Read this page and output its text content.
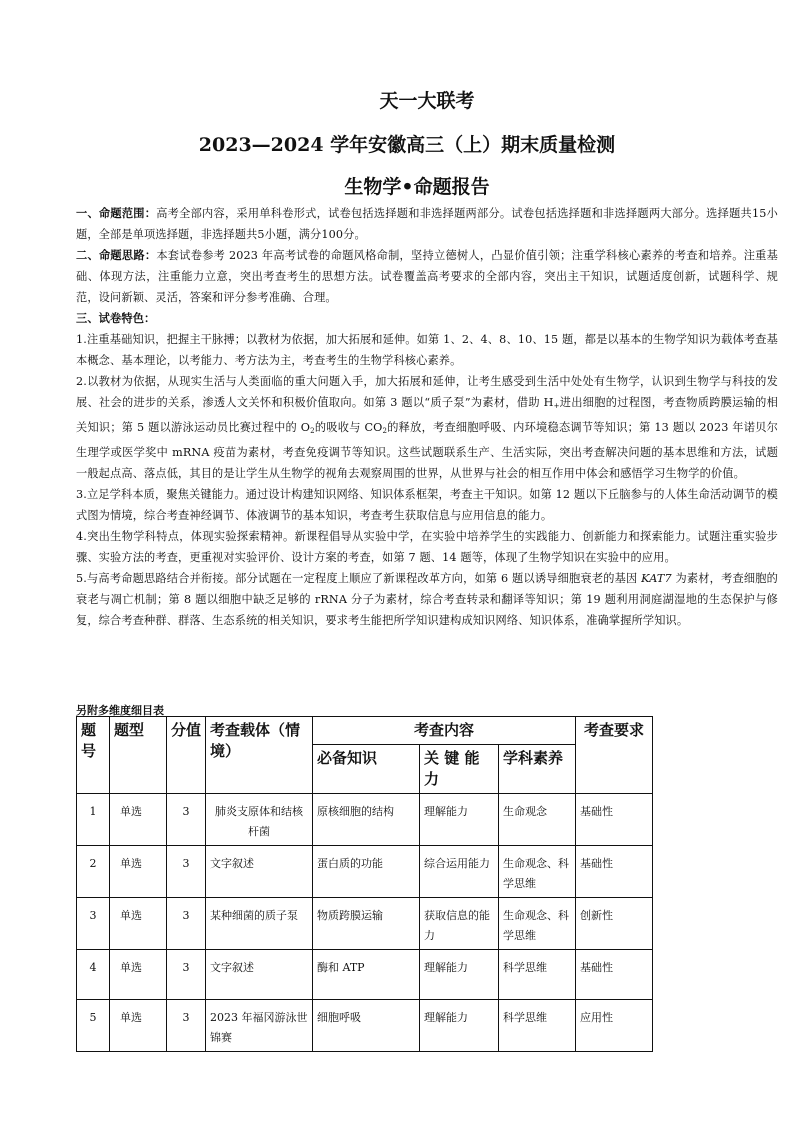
天一大联考
2023—2024 学年安徽高三（上）期末质量检测
生物学•命题报告

一、命题范围：高考全部内容，采用单科卷形式，试卷包括选择题和非选择题两部分。试卷包括选择题和非选择题两大部分。选择题共15小题，全部是单项选择题，非选择题共5小题，满分100分。

二、命题思路：本套试卷参考 2023 年高考试卷的命题风格命制，坚持立德树人，凸显价值引领；注重学科核心素养的考查和培养。注重基础、体现方法，注重能力立意，突出考查考生的思想方法。试卷覆盖高考要求的全部内容，突出主干知识，试题适度创新，试题科学、规范，设问新颖、灵活，答案和评分参考准确、合理。

三、试卷特色：

1.注重基础知识，把握主干脉搏；以教材为依据，加大拓展和延伸。如第 1、2、4、8、10、15 题，都是以基本的生物学知识为载体考查基本概念、基本理论，以考能力、考方法为主，考查考生的生物学科核心素养。

2.以教材为依据，从现实生活与人类面临的重大问题入手，加大拓展和延伸，让考生感受到生活中处处有生物学，认识到生物学与科技的发展、社会的进步的关系，渗透人文关怀和积极价值取向。如第 3 题以“质子泵”为素材，借助 H+进出细胞的过程图，考查物质跨膜运输的相关知识；第 5 题以游泳运动员比赛过程中的 $O_2$的吸收与 $CO_2$的释放，考查细胞呼吸、内环境稳态调节等知识；第 13 题以 2023 年诺贝尔生理学或医学奖中 mRNA 疫苗为素材，考查免疫调节等知识。这些试题联系生产、生活实际，突出考查解决问题的基本思维和方法，试题一般起点高、落点低，其目的是让学生从生物学的视角去观察周围的世界，从世界与社会的相互作用中体会和感悟学习生物学的价值。

3.立足学科本质，聚焦关键能力。通过设计构建知识网络、知识体系框架，考查主干知识。如第 12 题以下丘脑参与的人体生命活动调节的模式图为情境，综合考查神经调节、体液调节的基本知识，考查考生获取信息与应用信息的能力。

4.突出生物学科特点，体现实验探索精神。新课程倡导从实验中学，在实验中培养学生的实践能力、创新能力和探索能力。试题注重实验步骤、实验方法的考查，更重视对实验评价、设计方案的考查，如第 7 题、14 题等，体现了生物学知识在实验中的应用。

5.与高考命题思路结合并衔接。部分试题在一定程度上顺应了新课程改革方向，如第 6 题以诱导细胞衰老的基因 KAT7 为素材，考查细胞的衰老与凋亡机制；第 8 题以细胞中缺乏足够的 rRNA 分子为素材，综合考查转录和翻译等知识；第 19 题利用洞庭湖湿地的生态保护与修复，综合考查种群、群落、生态系统的相关知识，要求考生能把所学知识建构成知识网络、知识体系，准确掌握所学知识。

另附多维度细目表
题号	题型	分值	考查载体（情境）	考查内容			考查要求
				必备知识	关 键 能力	学科素养	
1	单选	3	肺炎支原体和结核杆菌	原核细胞的结构	理解能力	生命观念	基础性
2	单选	3	文字叙述	蛋白质的功能	综合运用能力	生命观念、科学思维	基础性
3	单选	3	某种细菌的质子泵	物质跨膜运输	获取信息的能力	生命观念、科学思维	创新性
4	单选	3	文字叙述	酶和 ATP	理解能力	科学思维	基础性
5	单选	3	2023 年福冈游泳世锦赛	细胞呼吸	理解能力	科学思维	应用性
